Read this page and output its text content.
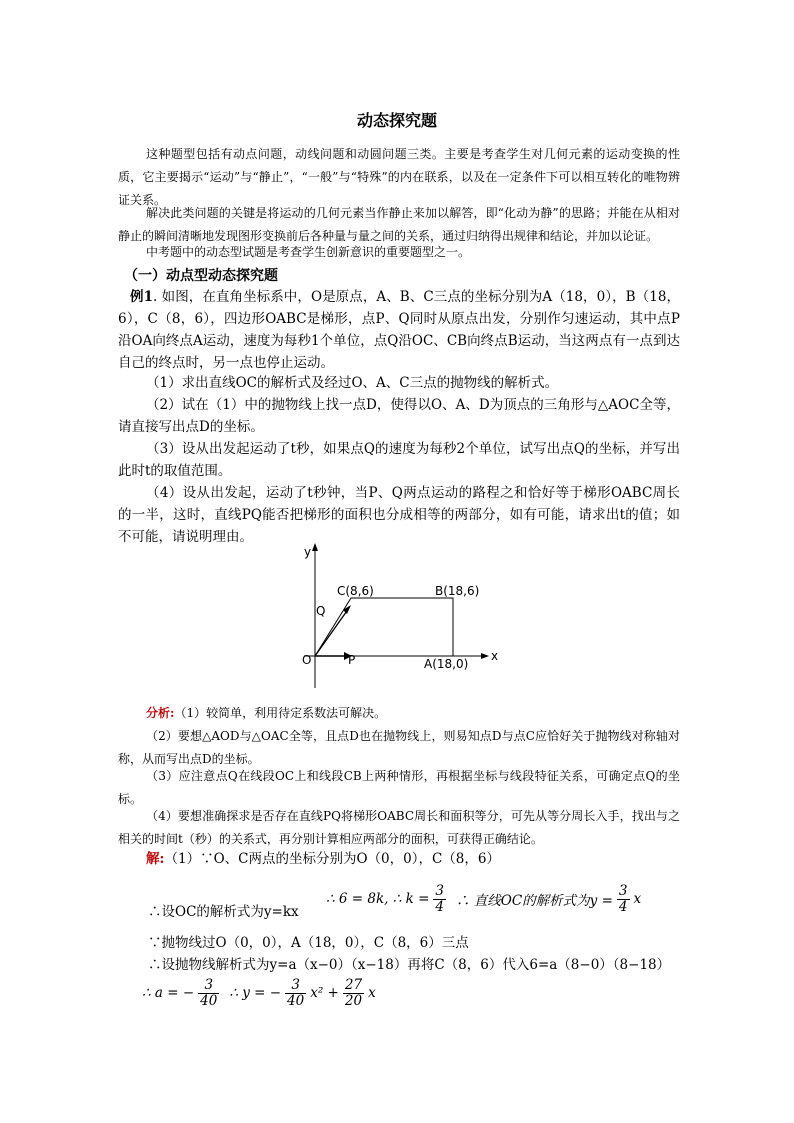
动态探究题
这种题型包括有动点问题，动线问题和动圆问题三类。主要是考查学生对几何元素的运动变换的性质，它主要揭示“运动”与“静止”，“一般”与“特殊”的内在联系，以及在一定条件下可以相互转化的唯物辨证关系。
解决此类问题的关键是将运动的几何元素当作静止来加以解答，即“化动为静”的思路；并能在从相对静止的瞬间清晰地发现图形变换前后各种量与量之间的关系，通过归纳得出规律和结论，并加以论证。
中考题中的动态型试题是考查学生创新意识的重要题型之一。
（一）动点型动态探究题
例1. 如图，在直角坐标系中，O是原点，A、B、C三点的坐标分别为A（18，0），B（18，6），C（8，6），四边形OABC是梯形，点P、Q同时从原点出发，分别作匀速运动，其中点P沿OA向终点A运动，速度为每秒1个单位，点Q沿OC、CB向终点B运动，当这两点有一点到达自己的终点时，另一点也停止运动。
（1）求出直线OC的解析式及经过O、A、C三点的抛物线的解析式。
（2）试在（1）中的抛物线上找一点D，使得以O、A、D为顶点的三角形与△AOC全等，请直接写出点D的坐标。
（3）设从出发起运动了t秒，如果点Q的速度为每秒2个单位，试写出点Q的坐标，并写出此时t的取值范围。
（4）设从出发起，运动了t秒钟，当P、Q两点运动的路程之和恰好等于梯形OABC周长的一半，这时，直线PQ能否把梯形的面积也分成相等的两部分，如有可能，请求出t的值；如不可能，请说明理由。
y
x
O	P
Q
C(8,6)	B(18,6)
A(18,0)
分析:（1）较简单，利用待定系数法可解决。
（2）要想△AOD与△OAC全等，且点D也在抛物线上，则易知点D与点C应恰好关于抛物线对称轴对称，从而写出点D的坐标。
（3）应注意点Q在线段OC上和线段CB上两种情形，再根据坐标与线段特征关系，可确定点Q的坐标。
（4）要想准确探求是否存在直线PQ将梯形OABC周长和面积等分，可先从等分周长入手，找出与之相关的时间t（秒）的关系式，再分别计算相应两部分的面积，可获得正确结论。
解:（1）∵O、C两点的坐标分别为O（0，0），C（8，6）
∴设OC的解析式为y=kx
∴ 6 = 8k, ∴ $k = \frac{3}{4}$ ∴ 直线OC的解析式为$y = \frac{3}{4}$ x
∵抛物线过O（0，0），A（18，0），C（8，6）三点
∴设抛物线解析式为y=a（x−0）（x−18）再将C（8，6）代入6=a（8−0）（8−18）
∴ a = − $\frac{3}{40}$ ∴ y = − $\frac{3}{40} x^2 + \frac{27}{20}$ x
